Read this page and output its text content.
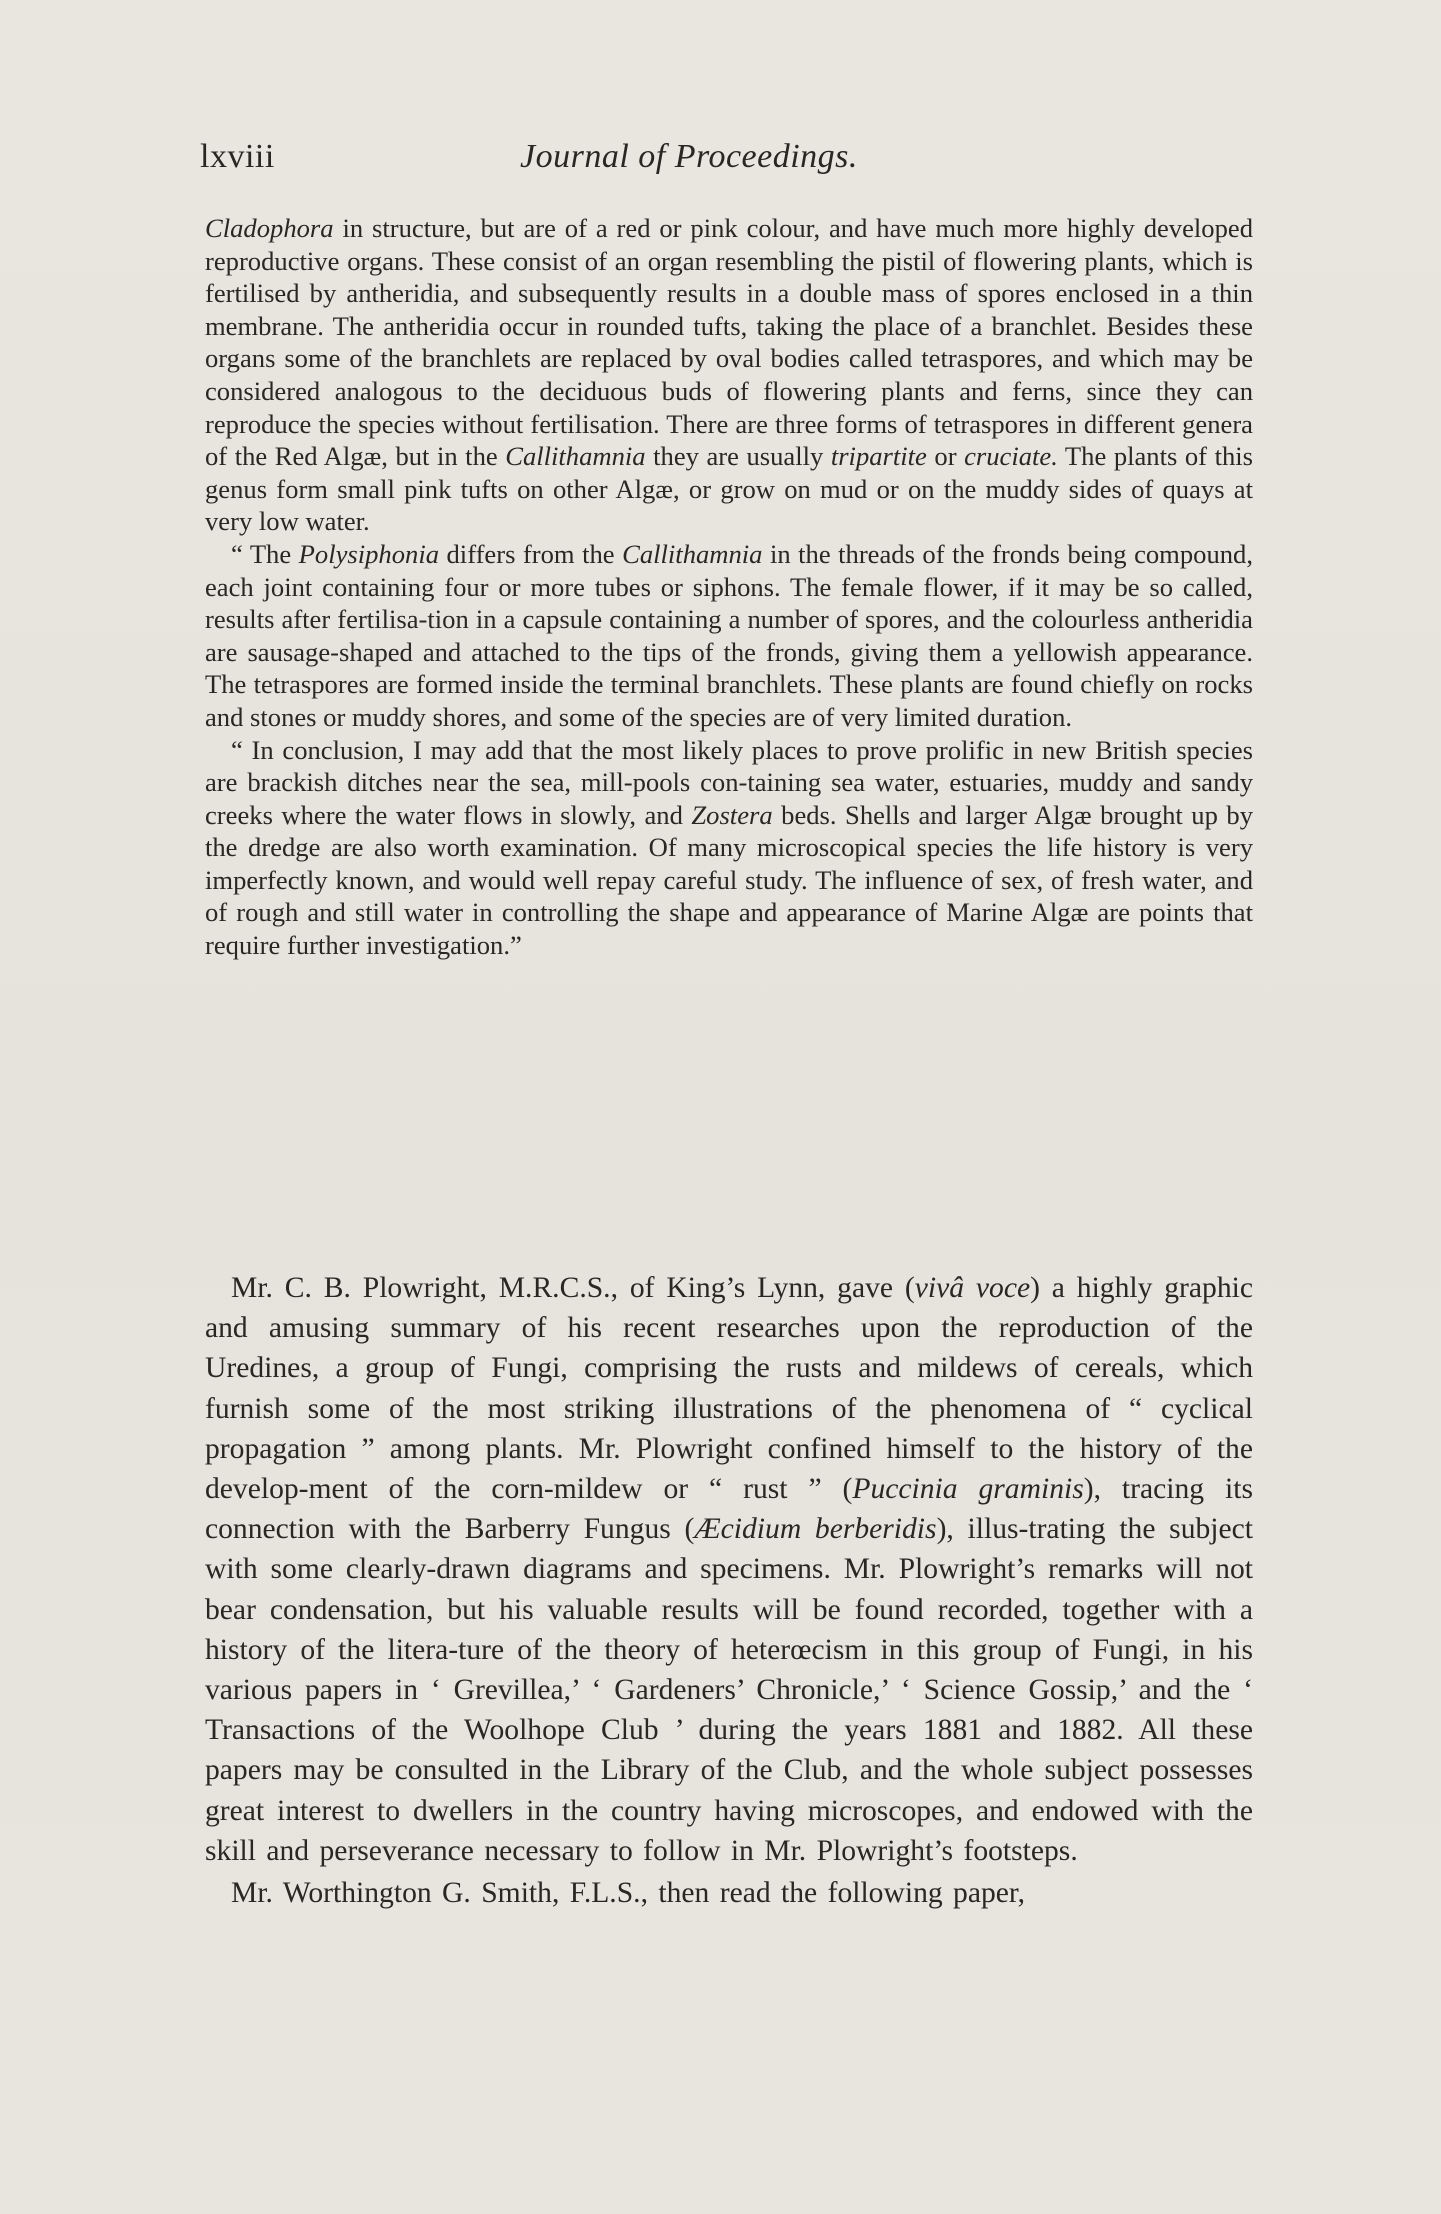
lxviii	Journal of Proceedings.

Cladophora in structure, but are of a red or pink colour, and have much more highly developed reproductive organs. These consist of an organ resembling the pistil of flowering plants, which is fertilised by antheridia, and subsequently results in a double mass of spores enclosed in a thin membrane. The antheridia occur in rounded tufts, taking the place of a branchlet. Besides these organs some of the branchlets are replaced by oval bodies called tetraspores, and which may be considered analogous to the deciduous buds of flowering plants and ferns, since they can reproduce the species without fertilisation. There are three forms of tetraspores in different genera of the Red Algæ, but in the Callithamnia they are usually tripartite or cruciate. The plants of this genus form small pink tufts on other Algæ, or grow on mud or on the muddy sides of quays at very low water.

“ The Polysiphonia differs from the Callithamnia in the threads of the fronds being compound, each joint containing four or more tubes or siphons. The female flower, if it may be so called, results after fertilisa-tion in a capsule containing a number of spores, and the colourless antheridia are sausage-shaped and attached to the tips of the fronds, giving them a yellowish appearance. The tetraspores are formed inside the terminal branchlets. These plants are found chiefly on rocks and stones or muddy shores, and some of the species are of very limited duration.

“ In conclusion, I may add that the most likely places to prove prolific in new British species are brackish ditches near the sea, mill-pools con-taining sea water, estuaries, muddy and sandy creeks where the water flows in slowly, and Zostera beds. Shells and larger Algæ brought up by the dredge are also worth examination. Of many microscopical species the life history is very imperfectly known, and would well repay careful study. The influence of sex, of fresh water, and of rough and still water in controlling the shape and appearance of Marine Algæ are points that require further investigation.”

Mr. C. B. Plowright, M.R.C.S., of King’s Lynn, gave (vivâ voce) a highly graphic and amusing summary of his recent researches upon the reproduction of the Uredines, a group of Fungi, comprising the rusts and mildews of cereals, which furnish some of the most striking illustrations of the phenomena of “ cyclical propagation ” among plants. Mr. Plowright confined himself to the history of the develop-ment of the corn-mildew or “ rust ” (Puccinia graminis), tracing its connection with the Barberry Fungus (Æcidium berberidis), illus-trating the subject with some clearly-drawn diagrams and specimens. Mr. Plowright’s remarks will not bear condensation, but his valuable results will be found recorded, together with a history of the litera-ture of the theory of heterœcism in this group of Fungi, in his various papers in ‘ Grevillea,’ ‘ Gardeners’ Chronicle,’ ‘ Science Gossip,’ and the ‘ Transactions of the Woolhope Club ’ during the years 1881 and 1882. All these papers may be consulted in the Library of the Club, and the whole subject possesses great interest to dwellers in the country having microscopes, and endowed with the skill and perseverance necessary to follow in Mr. Plowright’s footsteps.

Mr. Worthington G. Smith, F.L.S., then read the following paper,
